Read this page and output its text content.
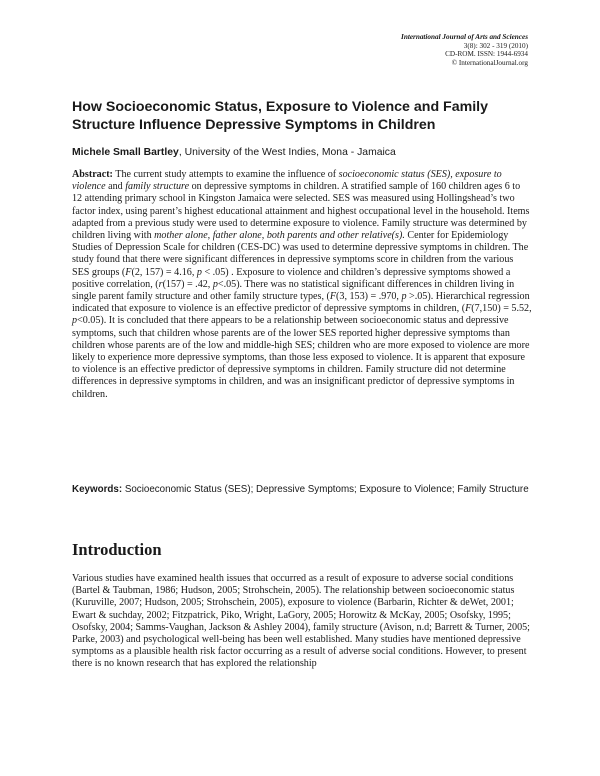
International Journal of Arts and Sciences
3(8): 302 - 319 (2010)
CD-ROM. ISSN: 1944-6934
© InternationalJournal.org
How Socioeconomic Status, Exposure to Violence and Family Structure Influence Depressive Symptoms in Children
Michele Small Bartley, University of the West Indies, Mona - Jamaica

Abstract: The current study attempts to examine the influence of socioeconomic status (SES), exposure to violence and family structure on depressive symptoms in children. A stratified sample of 160 children ages 6 to 12 attending primary school in Kingston Jamaica were selected. SES was measured using Hollingshead’s two factor index, using parent’s highest educational attainment and highest occupational level in the household. Items adapted from a previous study were used to determine exposure to violence. Family structure was determined by children living with mother alone, father alone, both parents and other relative(s). Center for Epidemiology Studies of Depression Scale for children (CES-DC) was used to determine depressive symptoms in children. The study found that there were significant differences in depressive symptoms score in children from the various SES groups (F(2, 157) = 4.16, p < .05) . Exposure to violence and children’s depressive symptoms showed a positive correlation, (r(157) = .42, p<.05). There was no statistical significant differences in children living in single parent family structure and other family structure types, (F(3, 153) = .970, p >.05). Hierarchical regression indicated that exposure to violence is an effective predictor of depressive symptoms in children, (F(7,150) = 5.52, p<0.05). It is concluded that there appears to be a relationship between socioeconomic status and depressive symptoms, such that children whose parents are of the lower SES reported higher depressive symptoms than children whose parents are of the low and middle-high SES; children who are more exposed to violence are more likely to experience more depressive symptoms, than those less exposed to violence. It is apparent that exposure to violence is an effective predictor of depressive symptoms in children. Family structure did not determine differences in depressive symptoms in children, and was an insignificant predictor of depressive symptoms in children.

Keywords: Socioeconomic Status (SES); Depressive Symptoms; Exposure to Violence; Family Structure
Introduction

Various studies have examined health issues that occurred as a result of exposure to adverse social conditions (Bartel & Taubman, 1986; Hudson, 2005; Strohschein, 2005). The relationship between socioeconomic status (Kuruville, 2007; Hudson, 2005; Strohschein, 2005), exposure to violence (Barbarin, Richter & deWet, 2001; Ewart & suchday, 2002; Fitzpatrick, Piko, Wright, LaGory, 2005; Horowitz & McKay, 2005; Osofsky, 1995; Osofsky, 2004; Samms-Vaughan, Jackson & Ashley 2004), family structure (Avison, n.d; Barrett & Turner, 2005; Parke, 2003) and psychological well-being has been well established. Many studies have mentioned depressive symptoms as a plausible health risk factor occurring as a result of adverse social conditions. However, to present there is no known research that has explored the relationship
